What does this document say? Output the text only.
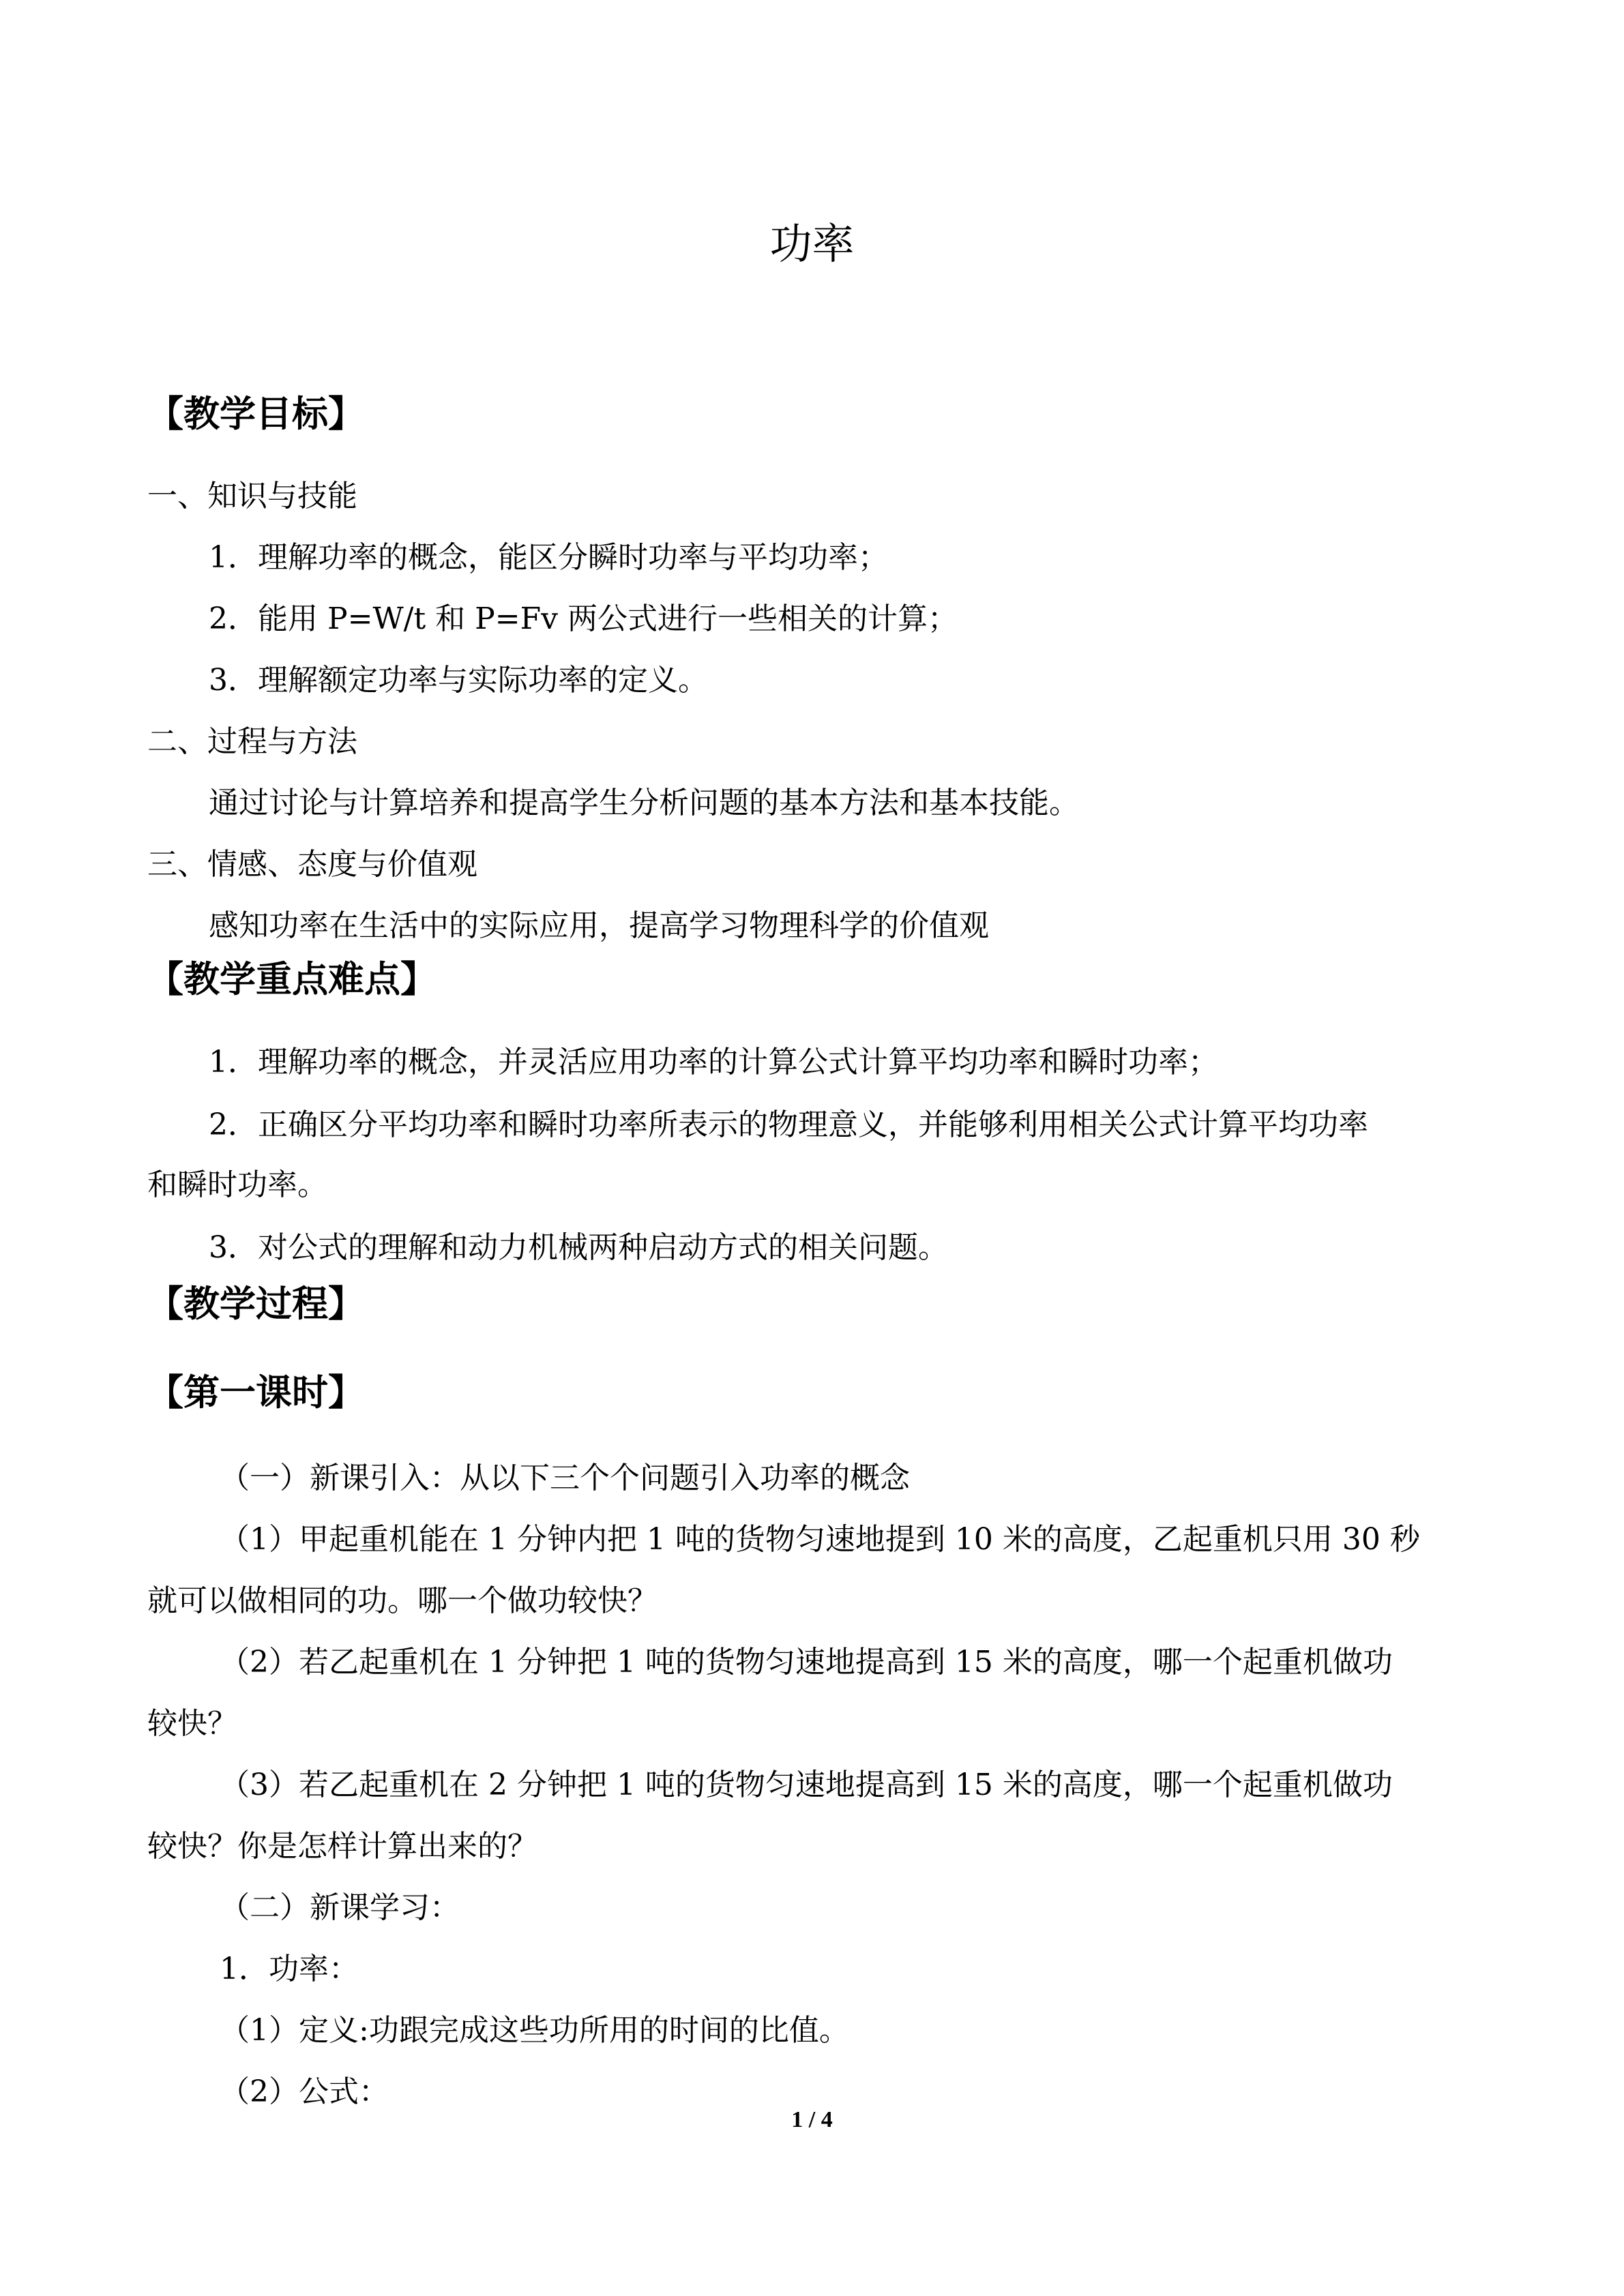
功率
【教学目标】
一、知识与技能
1．理解功率的概念，能区分瞬时功率与平均功率；
2．能用 P=W/t 和 P=Fv 两公式进行一些相关的计算；
3．理解额定功率与实际功率的定义。
二、过程与方法
通过讨论与计算培养和提高学生分析问题的基本方法和基本技能。
三、情感、态度与价值观
感知功率在生活中的实际应用，提高学习物理科学的价值观
【教学重点难点】
1．理解功率的概念，并灵活应用功率的计算公式计算平均功率和瞬时功率；
2．正确区分平均功率和瞬时功率所表示的物理意义，并能够利用相关公式计算平均功率
和瞬时功率。
3．对公式的理解和动力机械两种启动方式的相关问题。
【教学过程】
【第一课时】
（一）新课引入：从以下三个个问题引入功率的概念
（1）甲起重机能在 1 分钟内把 1 吨的货物匀速地提到 10 米的高度，乙起重机只用 30 秒
就可以做相同的功。哪一个做功较快？
（2）若乙起重机在 1 分钟把 1 吨的货物匀速地提高到 15 米的高度，哪一个起重机做功
较快？
（3）若乙起重机在 2 分钟把 1 吨的货物匀速地提高到 15 米的高度，哪一个起重机做功
较快？你是怎样计算出来的？
（二）新课学习：
1．功率：
（1）定义:功跟完成这些功所用的时间的比值。
（2）公式：
1 / 4
